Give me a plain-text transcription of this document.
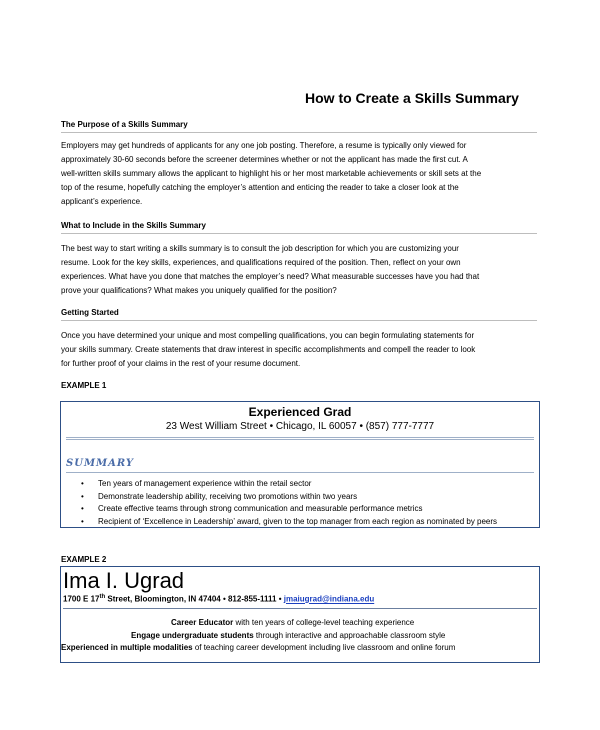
How to Create a Skills Summary
The Purpose of a Skills Summary

Employers may get hundreds of applicants for any one job posting. Therefore, a resume is typically only viewed for

approximately 30-60 seconds before the screener determines whether or not the applicant has made the first cut. A

well-written skills summary allows the applicant to highlight his or her most marketable achievements or skill sets at the

top of the resume, hopefully catching the employer’s attention and enticing the reader to take a closer look at the

applicant’s experience.

What to Include in the Skills Summary

The best way to start writing a skills summary is to consult the job description for which you are customizing your

resume. Look for the key skills, experiences, and qualifications required of the position. Then, reflect on your own

experiences. What have you done that matches the employer’s need? What measurable successes have you had that

prove your qualifications? What makes you uniquely qualified for the position?

Getting Started

Once you have determined your unique and most compelling qualifications, you can begin formulating statements for

your skills summary. Create statements that draw interest in specific accomplishments and compell the reader to look

for further proof of your claims in the rest of your resume document.

EXAMPLE 1
Experienced Grad
23 West William Street • Chicago, IL 60057 • (857) 777-7777
SUMMARY
• Ten years of management experience within the retail sector
• Demonstrate leadership ability, receiving two promotions within two years
• Create effective teams through strong communication and measurable performance metrics
• Recipient of ‘Excellence in Leadership’ award, given to the top manager from each region as nominated by peers
EXAMPLE 2
Ima I. Ugrad
1700 E 17th Street, Bloomington, IN 47404 • 812-855-1111 • jmaiugrad@indiana.edu
Career Educator with ten years of college-level teaching experience
Engage undergraduate students through interactive and approachable classroom style
Experienced in multiple modalities of teaching career development including live classroom and online forum
